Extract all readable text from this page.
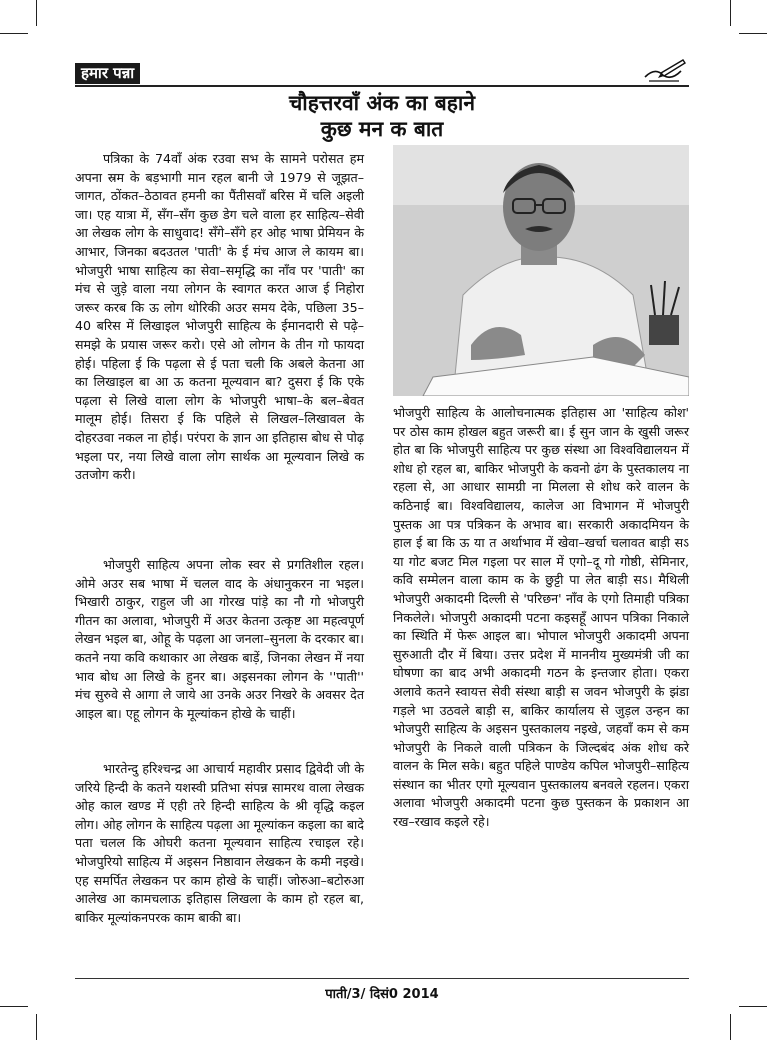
हमार पन्ना
चौहत्तरवाँ अंक का बहाने
कुछ मन क बात

पत्रिका के 74वाँ अंक रउवा सभ के सामने परोसत हम अपना स्रम के बड़भागी मान रहल बानी जे 1979 से जूझत–जागत, ठोंकत–ठेठावत हमनी का पैंतीसवाँ बरिस में चलि अइली जा। एह यात्रा में, सँग–सँग कुछ डेग चले वाला हर साहित्य–सेवी आ लेखक लोग के साधुवाद! सँगे–सँगे हर ओह भाषा प्रेमियन के आभार, जिनका बदउतल 'पाती' के ई मंच आज ले कायम बा। भोजपुरी भाषा साहित्य का सेवा–समृद्धि का नाँव पर 'पाती' का मंच से जुड़े वाला नया लोगन के स्वागत करत आज ई निहोरा जरूर करब कि ऊ लोग थोरिकी अउर समय देके, पछिला 35–40 बरिस में लिखाइल भोजपुरी साहित्य के ईमानदारी से पढ़े–समझे के प्रयास जरूर करो। एसे ओ लोगन के तीन गो फायदा होई। पहिला ई कि पढ़ला से ई पता चली कि अबले केतना आ का लिखाइल बा आ ऊ कतना मूल्यवान बा? दुसरा ई कि एके पढ़ला से लिखे वाला लोग के भोजपुरी भाषा–के बल–बेवत मालूम होई। तिसरा ई कि पहिले से लिखल–लिखावल के दोहरउवा नकल ना होई। परंपरा के ज्ञान आ इतिहास बोध से पोढ़ भइला पर, नया लिखे वाला लोग सार्थक आ मूल्यवान लिखे क उतजोग करी।

भोजपुरी साहित्य अपना लोक स्वर से प्रगतिशील रहल। ओमे अउर सब भाषा में चलल वाद के अंधानुकरन ना भइल। भिखारी ठाकुर, राहुल जी आ गोरख पांड़े का नौ गो भोजपुरी गीतन का अलावा, भोजपुरी में अउर केतना उत्कृष्ट आ महत्वपूर्ण लेखन भइल बा, ओहू के पढ़ला आ जनला–सुनला के दरकार बा। कतने नया कवि कथाकार आ लेखक बाड़ें, जिनका लेखन में नया भाव बोध आ लिखे के हुनर बा। अइसनका लोगन के ''पाती'' मंच सुरुवे से आगा ले जाये आ उनके अउर निखरे के अवसर देत आइल बा। एहू लोगन के मूल्यांकन होखे के चाहीं।

भारतेन्दु हरिश्चन्द्र आ आचार्य महावीर प्रसाद द्विवेदी जी के जरिये हिन्दी के कतने यशस्वी प्रतिभा संपन्न सामरथ वाला लेखक ओह काल खण्ड में एही तरे हिन्दी साहित्य के श्री वृद्धि कइल लोग। ओह लोगन के साहित्य पढ़ला आ मूल्यांकन कइला का बादे पता चलल कि ओघरी कतना मूल्यवान साहित्य रचाइल रहे। भोजपुरियो साहित्य में अइसन निष्ठावान लेखकन के कमी नइखे। एह समर्पित लेखकन पर काम होखे के चाहीं। जोरुआ–बटोरुआ आलेख आ कामचलाऊ इतिहास लिखला के काम हो रहल बा, बाकिर मूल्यांकनपरक काम बाकी बा।

भोजपुरी साहित्य के आलोचनात्मक इतिहास आ 'साहित्य कोश' पर ठोस काम होखल बहुत जरूरी बा। ई सुन जान के खुसी जरूर होत बा कि भोजपुरी साहित्य पर कुछ संस्था आ विश्वविद्यालयन में शोध हो रहल बा, बाकिर भोजपुरी के कवनो ढंग के पुस्तकालय ना रहला से, आ आधार सामग्री ना मिलला से शोध करे वालन के कठिनाई बा। विश्वविद्यालय, कालेज आ विभागन में भोजपुरी पुस्तक आ पत्र पत्रिकन के अभाव बा। सरकारी अकादमियन के हाल ई बा कि ऊ या त अर्थाभाव में खेवा–खर्चा चलावत बाड़ी सऽ या गोट बजट मिल गइला पर साल में एगो–दू गो गोष्ठी, सेमिनार, कवि सम्मेलन वाला काम क के छुट्टी पा लेत बाड़ी सऽ। मैथिली भोजपुरी अकादमी दिल्ली से 'परिछन' नाँव के एगो तिमाही पत्रिका निकलेले। भोजपुरी अकादमी पटना कइसहूँ आपन पत्रिका निकाले का स्थिति में फेरू आइल बा। भोपाल भोजपुरी अकादमी अपना सुरुआती दौर में बिया। उत्तर प्रदेश में माननीय मुख्यमंत्री जी का घोषणा का बाद अभी अकादमी गठन के इन्तजार होता। एकरा अलावे कतने स्वायत्त सेवी संस्था बाड़ी स जवन भोजपुरी के झंडा गड़ले भा उठवले बाड़ी स, बाकिर कार्यालय से जुड़ल उन्हन का भोजपुरी साहित्य के अइसन पुस्तकालय नइखे, जहवाँ कम से कम भोजपुरी के निकले वाली पत्रिकन के जिल्दबंद अंक शोध करे वालन के मिल सके। बहुत पहिले पाण्डेय कपिल भोजपुरी–साहित्य संस्थान का भीतर एगो मूल्यवान पुस्तकालय बनवले रहलन। एकरा अलावा भोजपुरी अकादमी पटना कुछ पुस्तकन के प्रकाशन आ रख–रखाव कइले रहे।

पाती/3/ दिसं0 2014
